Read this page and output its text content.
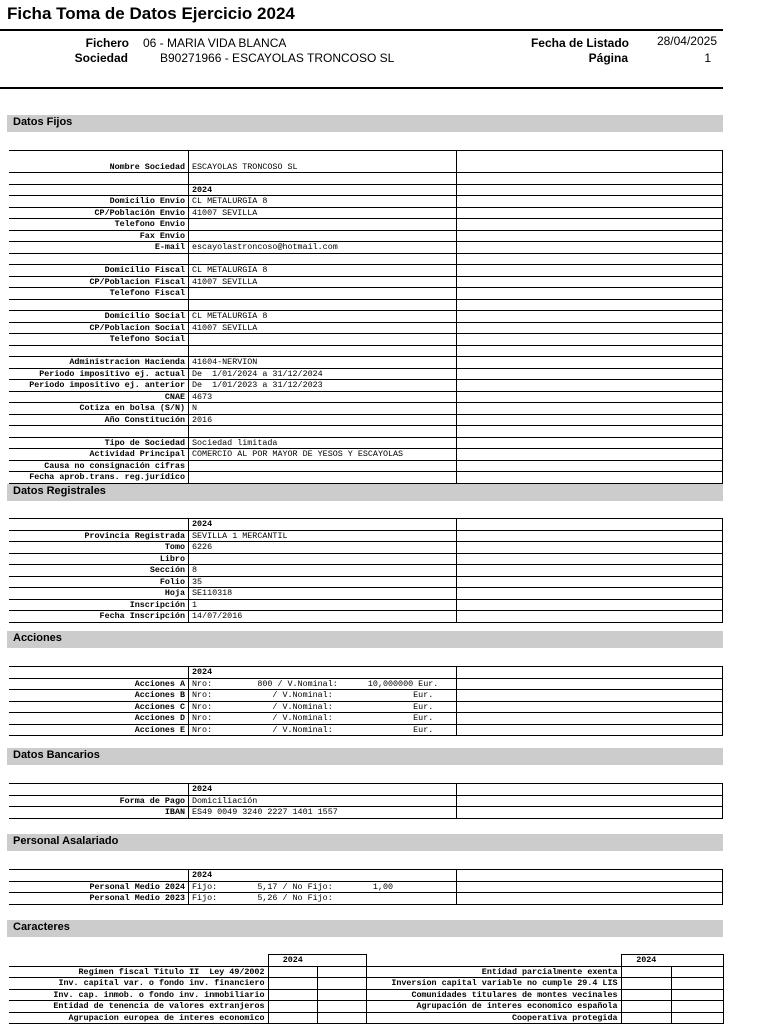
Ficha Toma de Datos Ejercicio 2024
Fichero 06 - MARIA VIDA BLANCA
Sociedad	B90271966 - ESCAYOLAS TRONCOSO SL
Fecha de Listado 28/04/2025
Página	1
Datos Fijos

Nombre Sociedad	ESCAYOLAS TRONCOSO SL	

	2024	
Domicilio Envio	CL METALURGIA 8	
CP/Población Envio	41007 SEVILLA	
Telefono Envio		
Fax Envio		
E-mail	escayolastroncoso@hotmail.com	

Domicilio Fiscal	CL METALURGIA 8	
CP/Poblacion Fiscal	41007 SEVILLA	
Telefono Fiscal		

Domicilio Social	CL METALURGIA 8	
CP/Poblacion Social	41007 SEVILLA	
Telefono Social		

Administracion Hacienda	41604-NERVION	
Periodo impositivo ej. actual	De  1/01/2024 a 31/12/2024	
Periodo impositivo ej. anterior	De  1/01/2023 a 31/12/2023	
CNAE	4673	
Cotiza en bolsa (S/N)	N	
Año Constitución	2016	

Tipo de Sociedad	Sociedad limitada	
Actividad Principal	COMERCIO AL POR MAYOR DE YESOS Y ESCAYOLAS	
Causa no consignación cifras		
Fecha aprob.trans. reg.jurídico		

Datos Registrales
	2024	
Provincia Registrada	SEVILLA 1 MERCANTIL	
Tomo	6226	
Libro		
Sección	8	
Folio	35	
Hoja	SE110318	
Inscripción	1	
Fecha Inscripción	14/07/2016	
Acciones
	2024	
Acciones A	Nro:         800 / V.Nominal:      10,000000 Eur.	
Acciones B	Nro:            / V.Nominal:                Eur.	
Acciones C	Nro:            / V.Nominal:                Eur.	
Acciones D	Nro:            / V.Nominal:                Eur.	
Acciones E	Nro:            / V.Nominal:                Eur.	
Datos Bancarios
	2024	
Forma de Pago	Domiciliación	
IBAN	ES49 0049 3240 2227 1401 1557	
Personal Asalariado
	2024	
Personal Medio 2024	Fijo:        5,17 / No Fijo:        1,00	
Personal Medio 2023	Fijo:        5,26 / No Fijo:	
Caracteres
	2024			2024	
Regimen fiscal Titulo II  Ley 49/2002			Entidad parcialmente exenta		
Inv. capital var. o fondo inv. financiero			Inversion capital variable no cumple 29.4 LIS		
Inv. cap. inmob. o fondo inv. inmobiliario			Comunidades titulares de montes vecinales		
Entidad de tenencia de valores extranjeros			Agrupación de interes economico española		
Agrupacion europea de interes economico			Cooperativa protegida		
